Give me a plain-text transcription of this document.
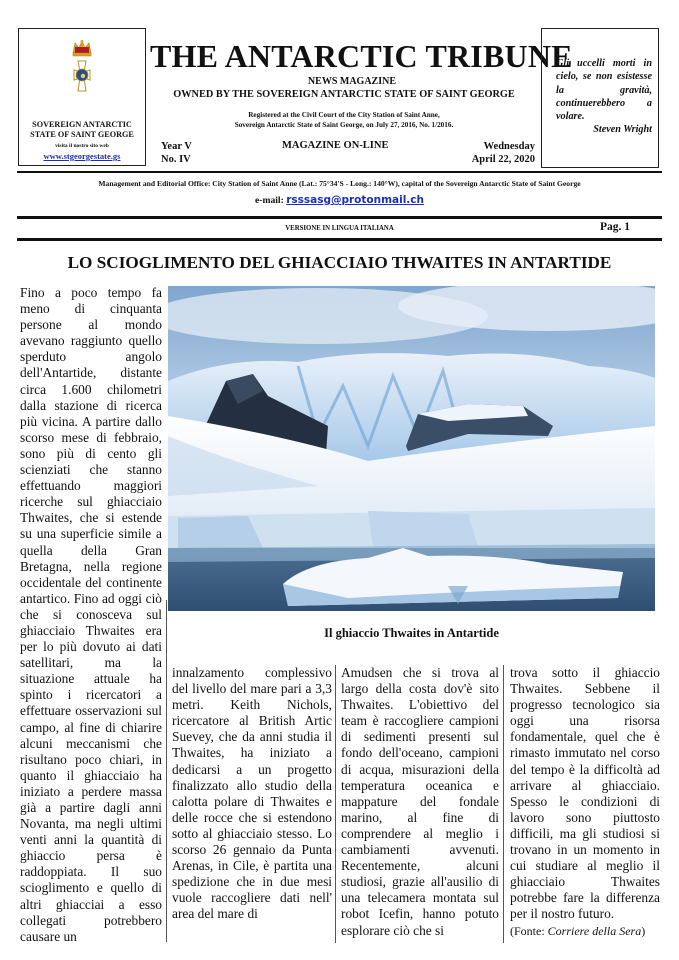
SOVEREIGN ANTARCTIC
STATE OF SAINT GEORGE
visita il nostro sito web
www.stgeorgestate.gs
THE ANTARCTIC TRIBUNE
NEWS MAGAZINE
OWNED BY THE SOVEREIGN ANTARCTIC STATE OF SAINT GEORGE
Registered at the Civil Court of the City Station of Saint Anne,
Sovereign Antarctic State of Saint George, on July 27, 2016, No. 1/2016.
Year V
No. IV
MAGAZINE ON-LINE	Wednesday
April 22, 2020
Gli uccelli morti in cielo, se non esistesse la gravità, continuerebbero a volare.
Steven Wright
Management and Editorial Office: City Station of Saint Anne (Lat.: 75°34'S - Long.: 140°W), capital of the Sovereign Antarctic State of Saint George
e-mail: rsssasg@protonmail.ch
VERSIONE IN LINGUA ITALIANA	Pag. 1
LO SCIOGLIMENTO DEL GHIACCIAIO THWAITES IN ANTARTIDE

Fino a poco tempo fa meno di cinquanta persone al mondo avevano raggiunto quello sperduto angolo dell'Antartide, distante circa 1.600 chilometri dalla stazione di ricerca più vicina. A partire dallo scorso mese di febbraio, sono più di cento gli scienziati che stanno effettuando maggiori ricerche sul ghiacciaio Thwaites, che si estende su una superficie simile a quella della Gran Bretagna, nella regione occidentale del continente antartico. Fino ad oggi ciò che si conosceva sul ghiacciaio Thwaites era per lo più dovuto ai dati satellitari, ma la situazione attuale ha spinto i ricercatori a effettuare osservazioni sul campo, al fine di chiarire alcuni meccanismi che risultano poco chiari, in quanto il ghiacciaio ha iniziato a perdere massa già a partire dagli anni Novanta, ma negli ultimi venti anni la quantità di ghiaccio persa è raddoppiata. Il suo scioglimento e quello di altri ghiacciai a esso collegati potrebbero causare un

Il ghiaccio Thwaites in Antartide

innalzamento complessivo del livello del mare pari a 3,3 metri. Keith Nichols, ricercatore al British Artic Suevey, che da anni studia il Thwaites, ha iniziato a dedicarsi a un progetto finalizzato allo studio della calotta polare di Thwaites e delle rocce che si estendono sotto al ghiacciaio stesso. Lo scorso 26 gennaio da Punta Arenas, in Cile, è partita una spedizione che in due mesi vuole raccogliere dati nell' area del mare di

Amudsen che si trova al largo della costa dov'è sito Thwaites. L'obiettivo del team è raccogliere campioni di sedimenti presenti sul fondo dell'oceano, campioni di acqua, misurazioni della temperatura oceanica e mappature del fondale marino, al fine di comprendere al meglio i cambiamenti avvenuti. Recentemente, alcuni studiosi, grazie all'ausilio di una telecamera montata sul robot Icefin, hanno potuto esplorare ciò che si

trova sotto il ghiaccio Thwaites. Sebbene il progresso tecnologico sia oggi una risorsa fondamentale, quel che è rimasto immutato nel corso del tempo è la difficoltà ad arrivare al ghiacciaio. Spesso le condizioni di lavoro sono piuttosto difficili, ma gli studiosi si trovano in un momento in cui studiare al meglio il ghiacciaio Thwaites potrebbe fare la differenza per il nostro futuro.

(Fonte: Corriere della Sera)
